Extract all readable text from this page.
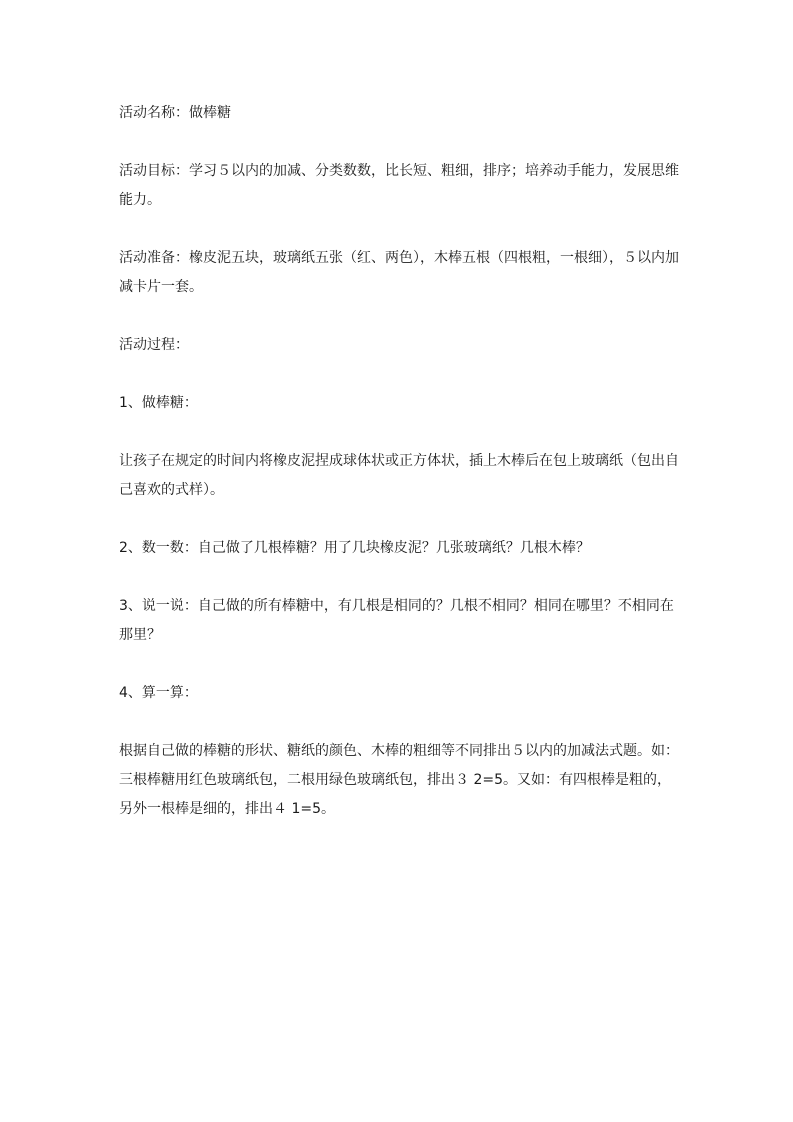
活动名称：做棒糖

活动目标：学习５以内的加减、分类数数，比长短、粗细，排序；培养动手能力，发展思维能力。

活动准备：橡皮泥五块，玻璃纸五张（红、两色），木棒五根（四根粗，一根细），５以内加减卡片一套。

活动过程：

1、做棒糖：

让孩子在规定的时间内将橡皮泥捏成球体状或正方体状，插上木棒后在包上玻璃纸（包出自己喜欢的式样）。

2、数一数：自己做了几根棒糖？用了几块橡皮泥？几张玻璃纸？几根木棒？

3、说一说：自己做的所有棒糖中，有几根是相同的？几根不相同？相同在哪里？不相同在那里？

4、算一算：

根据自己做的棒糖的形状、糖纸的颜色、木棒的粗细等不同排出５以内的加减法式题。如：三根棒糖用红色玻璃纸包，二根用绿色玻璃纸包，排出３ 2=5。又如：有四根棒是粗的，另外一根棒是细的，排出４ 1=5。
